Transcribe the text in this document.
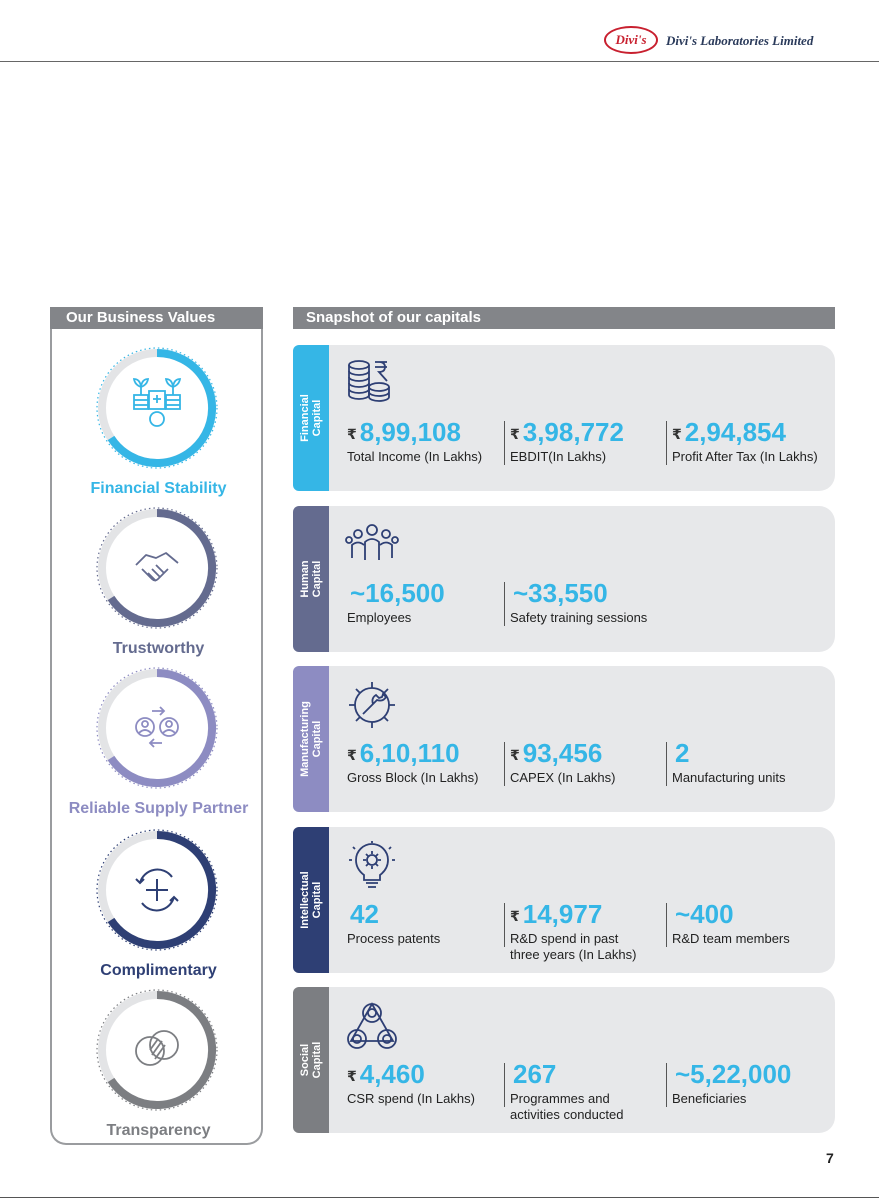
Divi's Divi's Laboratories Limited
Our Business Values
Financial Stability
Trustworthy
Reliable Supply Partner
Complimentary
Transparency
Snapshot of our capitals
Financial
Capital ₹ 8,99,108
Total Income (In Lakhs)
₹ 3,98,772
EBDIT(In Lakhs)
₹ 2,94,854
Profit After Tax (In Lakhs)
Human
Capital ~16,500
Employees
~33,550
Safety training sessions
Manufacturing
Capital ₹ 6,10,110
Gross Block (In Lakhs)
₹ 93,456
CAPEX (In Lakhs)
2
Manufacturing units
Intellectual
Capital 42
Process patents
₹ 14,977
R&D spend in past
three years (In Lakhs)
~400
R&D team members
Social
Capital ₹ 4,460
CSR spend (In Lakhs)
267
Programmes and
activities conducted
~5,22,000
Beneficiaries
7
